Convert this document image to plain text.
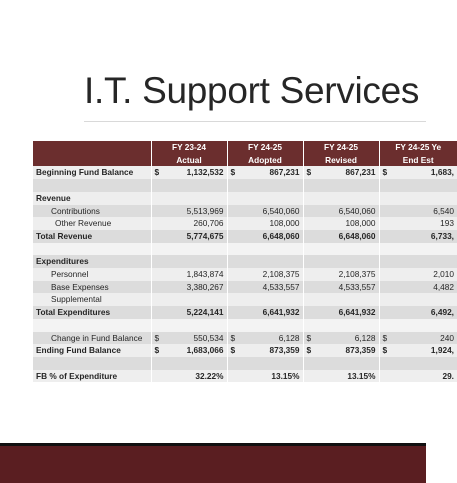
I.T. Support Services
	FY 23-24	FY 24-25	FY 24-25	FY 24-25 Ye
	Actual	Adopted	Revised	End Est
Beginning Fund Balance	$ 1,132,532	$ 867,231	$ 867,231	$ 1,683,

Revenue	

Contributions	5,513,969	6,540,060	6,540,060	6,540

Other Revenue	260,706	108,000	108,000	193

Total Revenue	5,774,675	6,648,060	6,648,060	6,733,

Expenditures	

Personnel	1,843,874	2,108,375	2,108,375	2,010

Base Expenses	3,380,267	4,533,557	4,533,557	4,482

Supplemental	

Total Expenditures	5,224,141	6,641,932	6,641,932	6,492,

Change in Fund Balance	$ 550,534	$ 6,128	$ 6,128	$ 240

Ending Fund Balance	$ 1,683,066	$ 873,359	$ 873,359	$ 1,924,

FB % of Expenditure	32.22%	13.15%	13.15%	29.
